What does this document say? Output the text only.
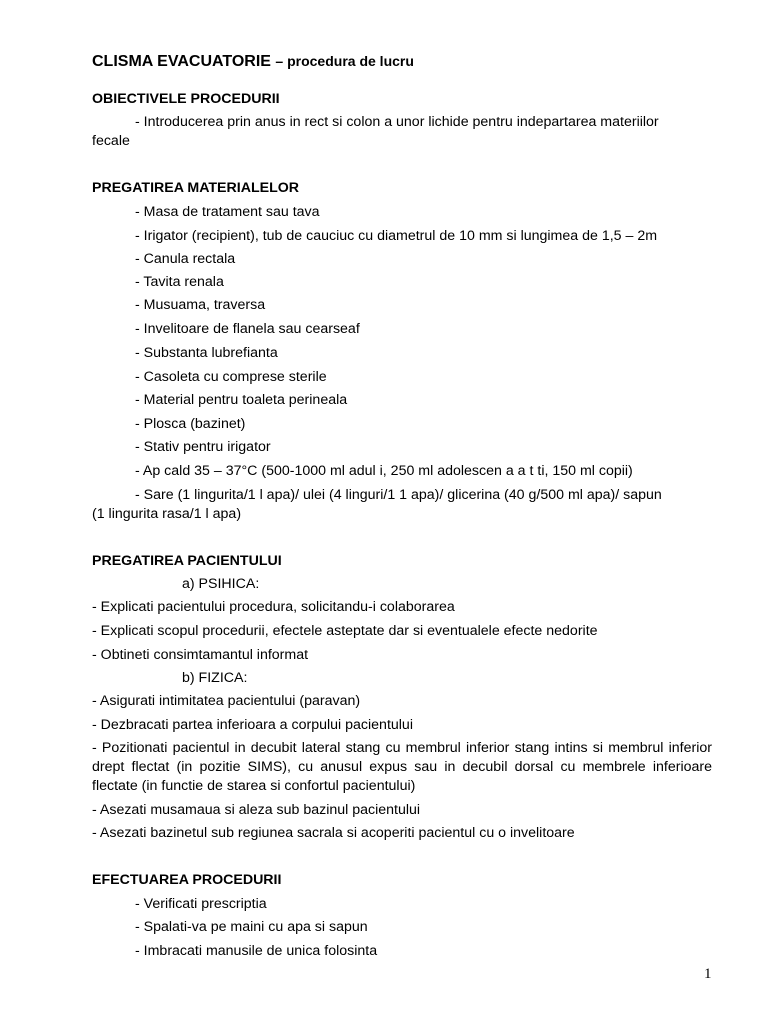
CLISMA EVACUATORIE – procedura de lucru
OBIECTIVELE PROCEDURII
- Introducerea prin anus in rect si colon a unor lichide pentru indepartarea materiilor
fecale
PREGATIREA MATERIALELOR
- Masa de tratament sau tava
- Irigator (recipient), tub de cauciuc cu diametrul de 10 mm si lungimea de 1,5 – 2m
- Canula rectala
- Tavita renala
- Musuama, traversa
- Invelitoare de flanela sau cearseaf
- Substanta lubrefianta
- Casoleta cu comprese sterile
- Material pentru toaleta perineala
- Plosca (bazinet)
- Stativ pentru irigator
- Ap cald 35 – 37°C (500-1000 ml adul i, 250 ml adolescen a a t ti, 150 ml copii)
- Sare (1 lingurita/1 l apa)/ ulei (4 linguri/1 1 apa)/ glicerina (40 g/500 ml apa)/ sapun
(1 lingurita rasa/1 l apa)
PREGATIREA PACIENTULUI
a) PSIHICA:
- Explicati pacientului procedura, solicitandu-i colaborarea
- Explicati scopul procedurii, efectele asteptate dar si eventualele efecte nedorite
- Obtineti consimtamantul informat
b) FIZICA:
- Asigurati intimitatea pacientului (paravan)
- Dezbracati partea inferioara a corpului pacientului
- Pozitionati pacientul in decubit lateral stang cu membrul inferior stang intins si membrul inferior drept flectat (in pozitie SIMS), cu anusul expus sau in decubil dorsal cu membrele inferioare flectate (in functie de starea si confortul pacientului)
- Asezati musamaua si aleza sub bazinul pacientului
- Asezati bazinetul sub regiunea sacrala si acoperiti pacientul cu o invelitoare
EFECTUAREA PROCEDURII
- Verificati prescriptia
- Spalati-va pe maini cu apa si sapun
- Imbracati manusile de unica folosinta
1
